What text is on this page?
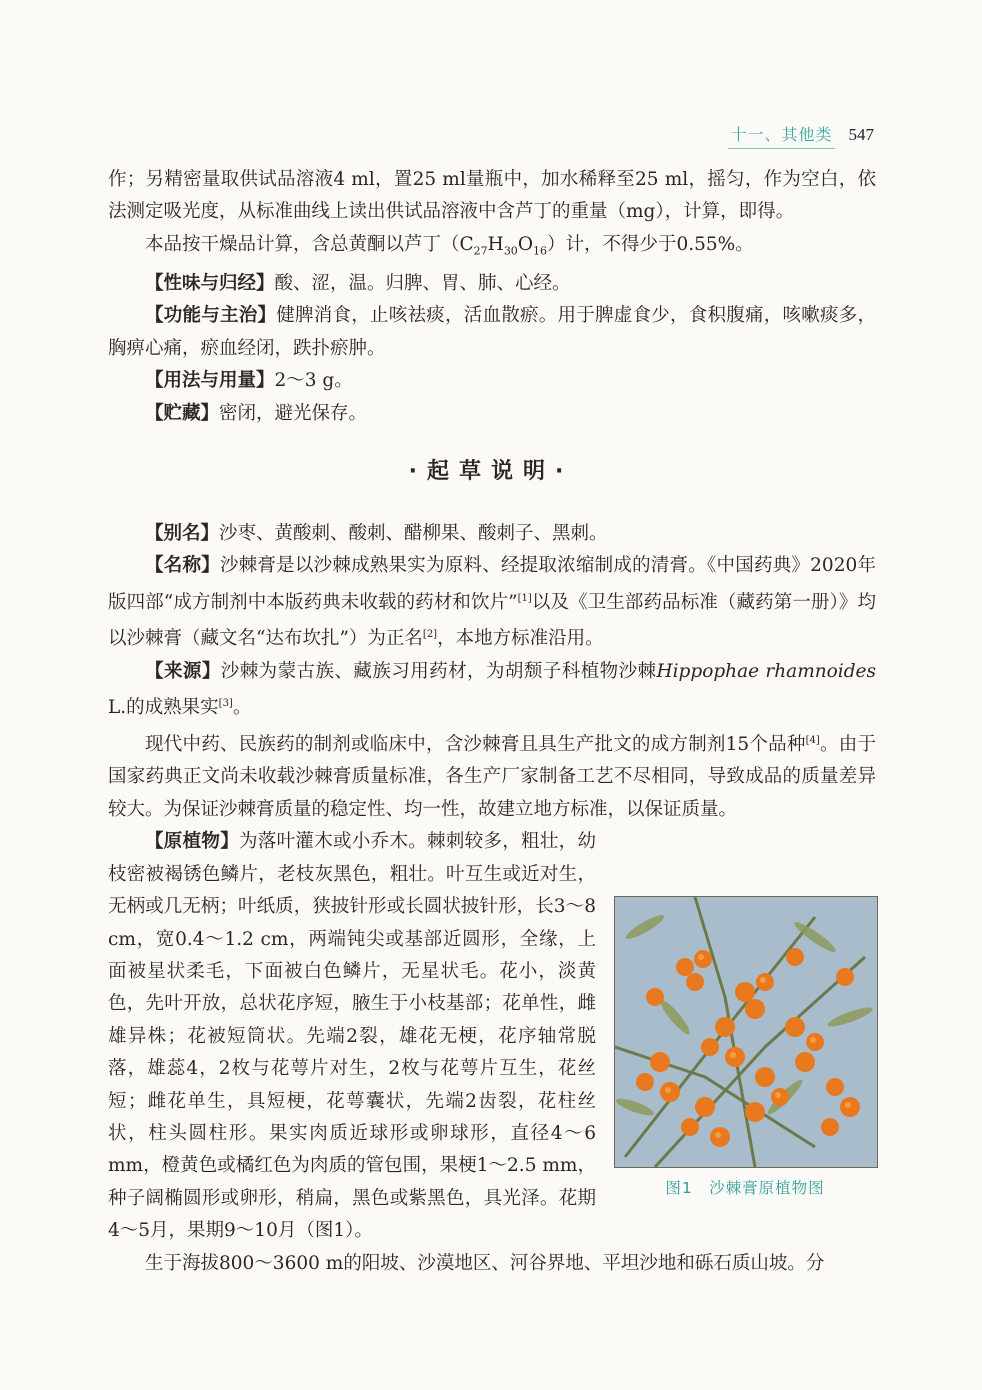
十一、其他类 547

作；另精密量取供试品溶液4 ml，置25 ml量瓶中，加水稀释至25 ml，摇匀，作为空白，依法测定吸光度，从标准曲线上读出供试品溶液中含芦丁的重量（mg），计算，即得。

本品按干燥品计算，含总黄酮以芦丁$(C_{27}H_{30}O_{16})$计，不得少于0.55%。

【性味与归经】酸、涩，温。归脾、胃、肺、心经。

【功能与主治】健脾消食，止咳祛痰，活血散瘀。用于脾虚食少，食积腹痛，咳嗽痰多，胸痹心痛，瘀血经闭，跌扑瘀肿。

【用法与用量】2～3 g。

【贮藏】密闭，避光保存。

·起草说明·

【别名】沙枣、黄酸刺、酸刺、醋柳果、酸刺子、黑刺。

【名称】沙棘膏是以沙棘成熟果实为原料、经提取浓缩制成的清膏。《中国药典》2020年版四部“成方制剂中本版药典未收载的药材和饮片”[1]以及《卫生部药品标准（藏药第一册）》均以沙棘膏（藏文名“达布坎扎”）为正名[2]，本地方标准沿用。

【来源】沙棘为蒙古族、藏族习用药材，为胡颓子科植物沙棘Hippophae rhamnoides L.的成熟果实[3]。

现代中药、民族药的制剂或临床中，含沙棘膏且具生产批文的成方制剂15个品种[4]。由于国家药典正文尚未收载沙棘膏质量标准，各生产厂家制备工艺不尽相同，导致成品的质量差异较大。为保证沙棘膏质量的稳定性、均一性，故建立地方标准，以保证质量。

图1　沙棘膏原植物图

【原植物】为落叶灌木或小乔木。棘刺较多，粗壮，幼枝密被褐锈色鳞片，老枝灰黑色，粗壮。叶互生或近对生，无柄或几无柄；叶纸质，狭披针形或长圆状披针形，长3～8 cm，宽0.4～1.2 cm，两端钝尖或基部近圆形，全缘，上面被星状柔毛，下面被白色鳞片，无星状毛。花小，淡黄色，先叶开放，总状花序短，腋生于小枝基部；花单性，雌雄异株；花被短筒状。先端2裂，雄花无梗，花序轴常脱落，雄蕊4，2枚与花萼片对生，2枚与花萼片互生，花丝短；雌花单生，具短梗，花萼囊状，先端2齿裂，花柱丝状，柱头圆柱形。果实肉质近球形或卵球形，直径4～6 mm，橙黄色或橘红色为肉质的管包围，果梗1～2.5 mm，种子阔椭圆形或卵形，稍扁，黑色或紫黑色，具光泽。花期4～5月，果期9～10月（图1）。

生于海拔800～3600 m的阳坡、沙漠地区、河谷界地、平坦沙地和砾石质山坡。分
